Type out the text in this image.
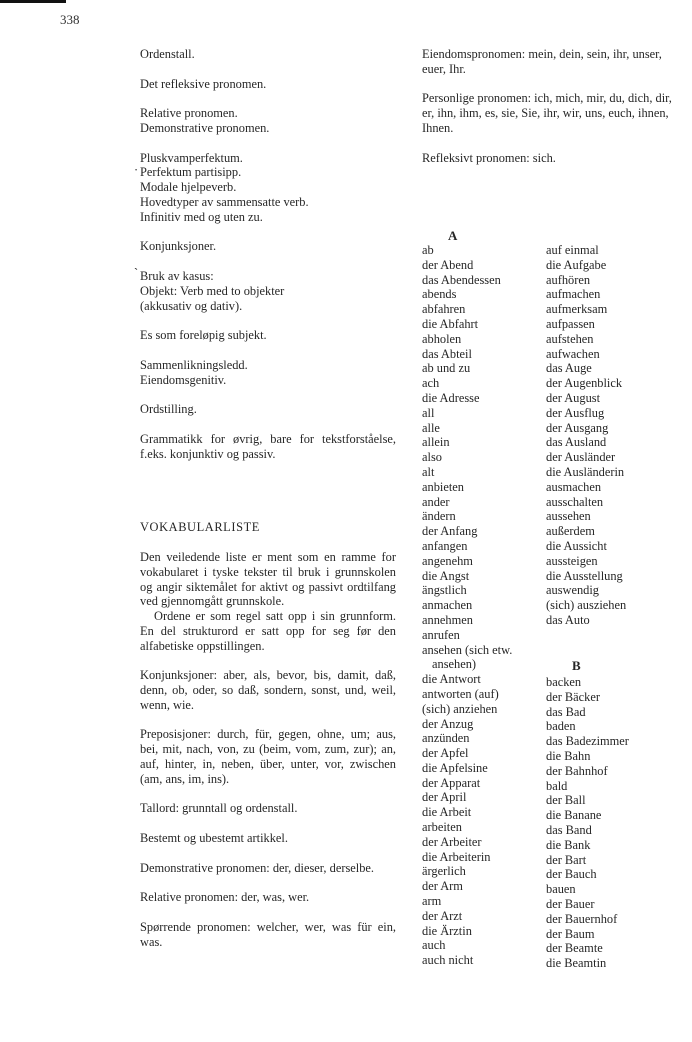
338

Ordenstall.

Det refleksive pronomen.

Relative pronomen.

Demonstrative pronomen.

Pluskvamperfektum.

Perfektum partisipp.

·

Modale hjelpeverb.

Hovedtyper av sammensatte verb.

Infinitiv med og uten zu.

Konjunksjoner.

ˋ Bruk av kasus:

Objekt: Verb med to objekter

(akkusativ og dativ).

Es som foreløpig subjekt.

Sammenlikningsledd.

Eiendomsgenitiv.

Ordstilling.

Grammatikk for øvrig, bare for tekstforståelse, f.eks. konjunktiv og passiv.

VOKABULARLISTE

Den veiledende liste er ment som en ramme for vokabularet i tyske tekster til bruk i grunnskolen og angir siktemålet for aktivt og passivt ordtilfang ved gjennomgått grunnskole.

Ordene er som regel satt opp i sin grunnform. En del strukturord er satt opp for seg før den alfabetiske oppstillingen.

Konjunksjoner: aber, als, bevor, bis, damit, daß, denn, ob, oder, so daß, sondern, sonst, und, weil, wenn, wie.

Preposisjoner: durch, für, gegen, ohne, um; aus, bei, mit, nach, von, zu (beim, vom, zum, zur); an, auf, hinter, in, neben, über, unter, vor, zwischen (am, ans, im, ins).

Tallord: grunntall og ordenstall.

Bestemt og ubestemt artikkel.

Demonstrative pronomen: der, dieser, derselbe.

Relative pronomen: der, was, wer.

Spørrende pronomen: welcher, wer, was für ein, was.

Eiendomspronomen: mein, dein, sein, ihr, unser, euer, Ihr.

Personlige pronomen: ich, mich, mir, du, dich, dir, er, ihn, ihm, es, sie, Sie, ihr, wir, uns, euch, ihnen, Ihnen.

Refleksivt pronomen: sich.

A
ab
der Abend
das Abendessen
abends
abfahren
die Abfahrt
abholen
das Abteil
ab und zu
ach
die Adresse
all
alle
allein
also
alt
anbieten
ander
ändern
der Anfang
anfangen
angenehm
die Angst
ängstlich
anmachen
annehmen
anrufen
ansehen (sich etw.
ansehen)
die Antwort
antworten (auf)
(sich) anziehen
der Anzug
anzünden
der Apfel
die Apfelsine
der Apparat
der April
die Arbeit
arbeiten
der Arbeiter
die Arbeiterin
ärgerlich
der Arm
arm
der Arzt
die Ärztin
auch
auch nicht
auf einmal
die Aufgabe
aufhören
aufmachen
aufmerksam
aufpassen
aufstehen
aufwachen
das Auge
der Augenblick
der August
der Ausflug
der Ausgang
das Ausland
der Ausländer
die Ausländerin
ausmachen
ausschalten
aussehen
außerdem
die Aussicht
aussteigen
die Ausstellung
auswendig
(sich) ausziehen
das Auto
B
backen
der Bäcker
das Bad
baden
das Badezimmer
die Bahn
der Bahnhof
bald
der Ball
die Banane
das Band
die Bank
der Bart
der Bauch
bauen
der Bauer
der Bauernhof
der Baum
der Beamte
die Beamtin
